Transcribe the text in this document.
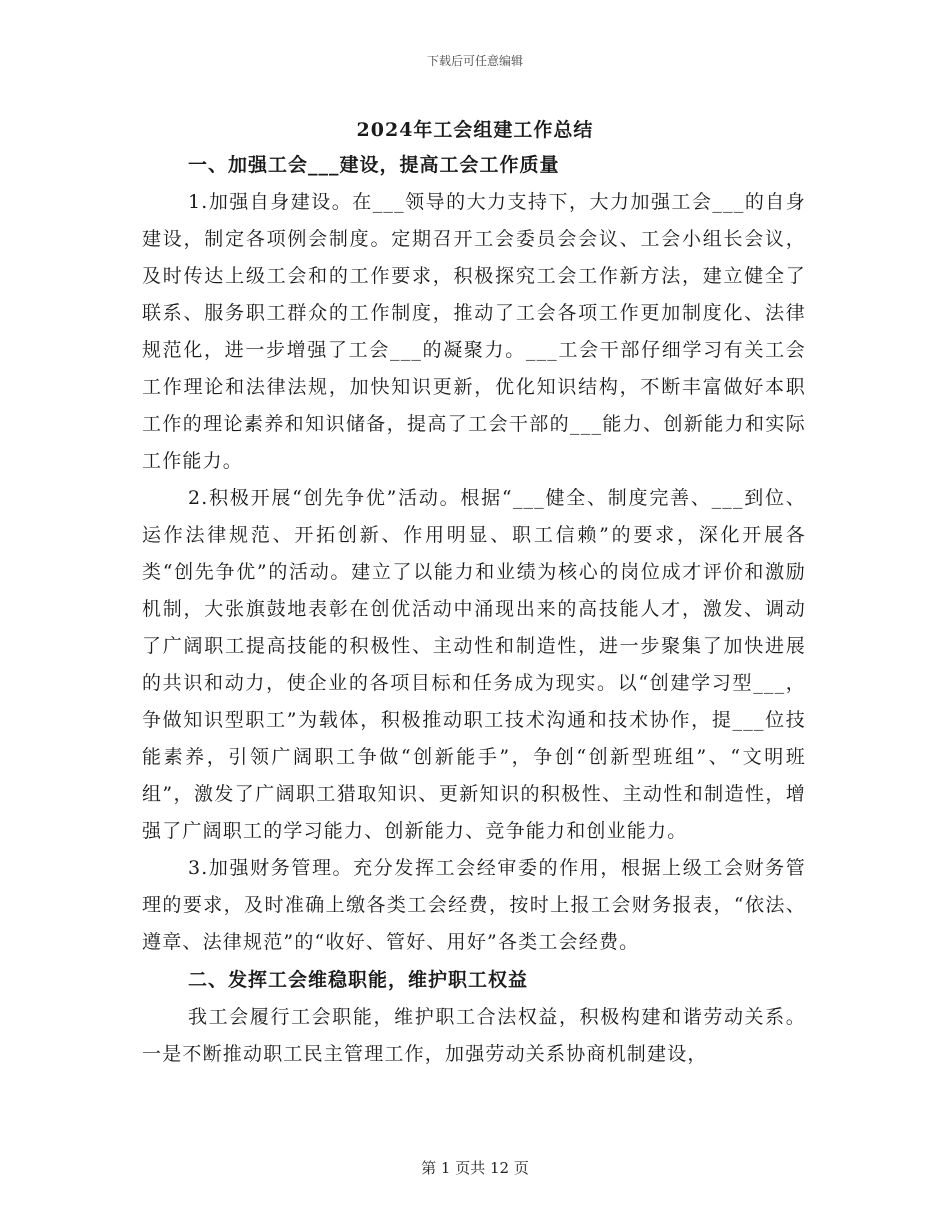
下载后可任意编辑
2024年工会组建工作总结

一、加强工会___建设，提高工会工作质量

1.加强自身建设。在___领导的大力支持下，大力加强工会___的自身建设，制定各项例会制度。定期召开工会委员会会议、工会小组长会议，及时传达上级工会和的工作要求，积极探究工会工作新方法，建立健全了联系、服务职工群众的工作制度，推动了工会各项工作更加制度化、法律规范化，进一步增强了工会___的凝聚力。___工会干部仔细学习有关工会工作理论和法律法规，加快知识更新，优化知识结构，不断丰富做好本职工作的理论素养和知识储备，提高了工会干部的___能力、创新能力和实际工作能力。

2.积极开展“创先争优”活动。根据“___健全、制度完善、___到位、运作法律规范、开拓创新、作用明显、职工信赖”的要求，深化开展各类“创先争优”的活动。建立了以能力和业绩为核心的岗位成才评价和激励机制，大张旗鼓地表彰在创优活动中涌现出来的高技能人才，激发、调动了广阔职工提高技能的积极性、主动性和制造性，进一步聚集了加快进展的共识和动力，使企业的各项目标和任务成为现实。以“创建学习型___，争做知识型职工”为载体，积极推动职工技术沟通和技术协作，提___位技能素养，引领广阔职工争做“创新能手”，争创“创新型班组”、“文明班组”，激发了广阔职工猎取知识、更新知识的积极性、主动性和制造性，增强了广阔职工的学习能力、创新能力、竞争能力和创业能力。

3.加强财务管理。充分发挥工会经审委的作用，根据上级工会财务管理的要求，及时准确上缴各类工会经费，按时上报工会财务报表，“依法、遵章、法律规范”的“收好、管好、用好”各类工会经费。

二、发挥工会维稳职能，维护职工权益

我工会履行工会职能，维护职工合法权益，积极构建和谐劳动关系。一是不断推动职工民主管理工作，加强劳动关系协商机制建设，

第 1 页共 12 页
